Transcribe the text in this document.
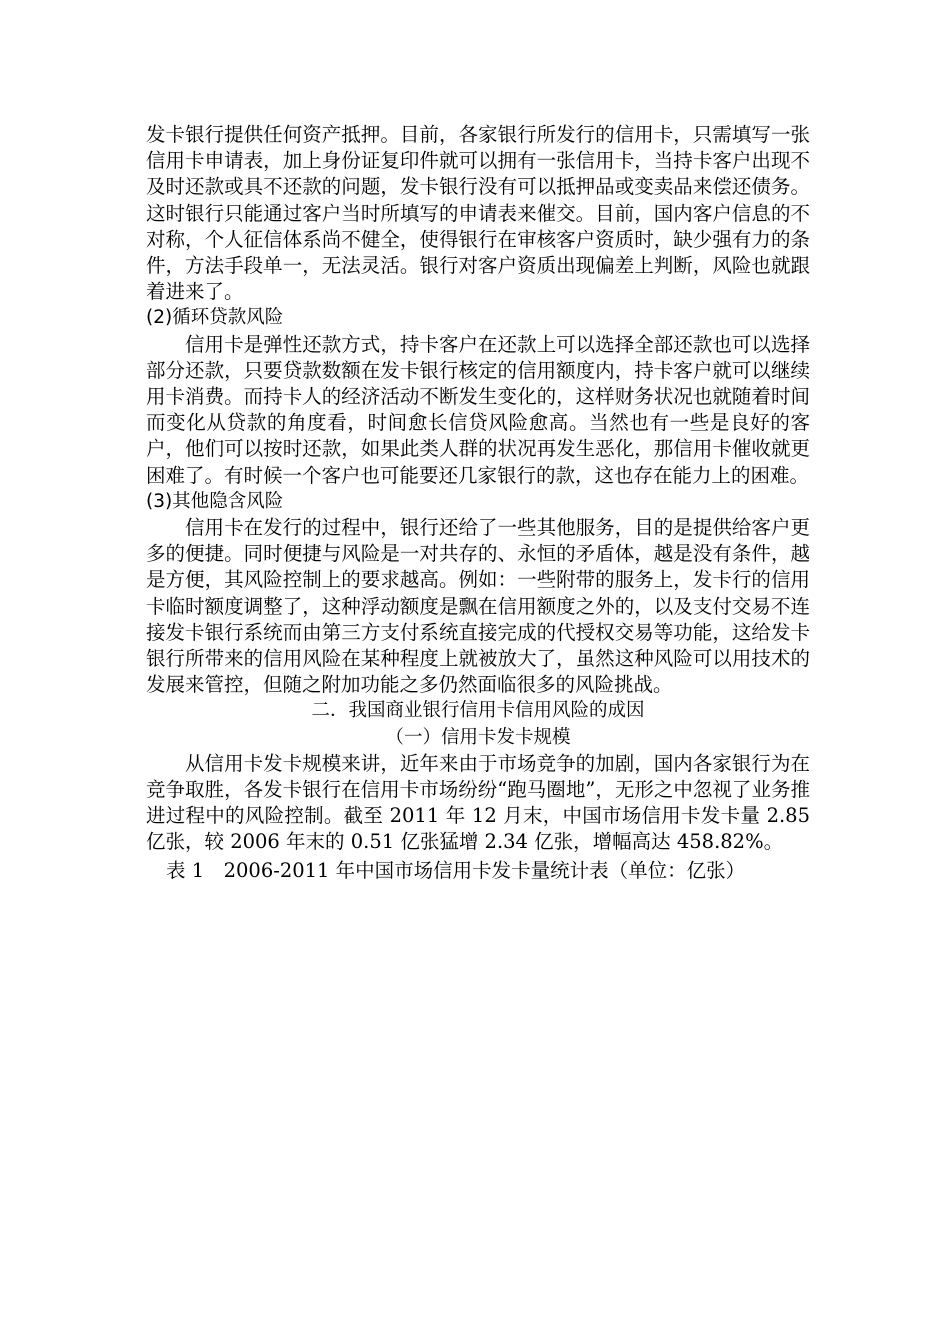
发卡银行提供任何资产抵押。目前，各家银行所发行的信用卡，只需填写一张信用卡申请表，加上身份证复印件就可以拥有一张信用卡，当持卡客户出现不及时还款或具不还款的问题，发卡银行没有可以抵押品或变卖品来偿还债务。这时银行只能通过客户当时所填写的申请表来催交。目前，国内客户信息的不对称，个人征信体系尚不健全，使得银行在审核客户资质时，缺少强有力的条件，方法手段单一，无法灵活。银行对客户资质出现偏差上判断，风险也就跟着进来了。

(2)循环贷款风险

信用卡是弹性还款方式，持卡客户在还款上可以选择全部还款也可以选择部分还款，只要贷款数额在发卡银行核定的信用额度内，持卡客户就可以继续用卡消费。而持卡人的经济活动不断发生变化的，这样财务状况也就随着时间而变化从贷款的角度看，时间愈长信贷风险愈高。当然也有一些是良好的客户，他们可以按时还款，如果此类人群的状况再发生恶化，那信用卡催收就更困难了。有时候一个客户也可能要还几家银行的款，这也存在能力上的困难。

(3)其他隐含风险

信用卡在发行的过程中，银行还给了一些其他服务，目的是提供给客户更多的便捷。同时便捷与风险是一对共存的、永恒的矛盾体，越是没有条件，越是方便，其风险控制上的要求越高。例如：一些附带的服务上，发卡行的信用卡临时额度调整了，这种浮动额度是飘在信用额度之外的，以及支付交易不连接发卡银行系统而由第三方支付系统直接完成的代授权交易等功能，这给发卡银行所带来的信用风险在某种程度上就被放大了，虽然这种风险可以用技术的发展来管控，但随之附加功能之多仍然面临很多的风险挑战。

二．我国商业银行信用卡信用风险的成因

（一）信用卡发卡规模

从信用卡发卡规模来讲，近年来由于市场竞争的加剧，国内各家银行为在竞争取胜，各发卡银行在信用卡市场纷纷“跑马圈地”，无形之中忽视了业务推进过程中的风险控制。截至 2011 年 12 月末，中国市场信用卡发卡量 2.85 亿张，较 2006 年末的 0.51 亿张猛增 2.34 亿张，增幅高达 458.82%。

表 1　2006-2011 年中国市场信用卡发卡量统计表（单位：亿张）
